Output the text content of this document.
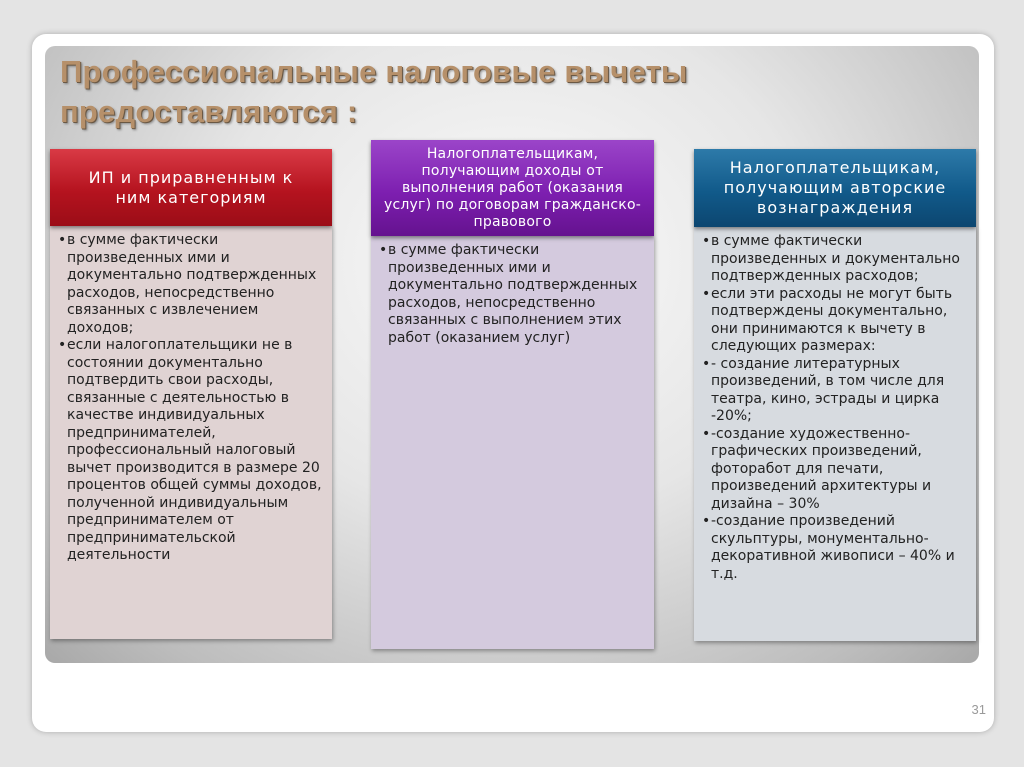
Профессиональные налоговые вычеты
предоставляются :
ИП и приравненным к ним категориям
• в сумме фактически произведенных ими и документально подтвержденных расходов, непосредственно связанных с извлечением доходов;
• если налогоплательщики не в состоянии документально подтвердить свои расходы, связанные с деятельностью в качестве индивидуальных предпринимателей, профессиональный налоговый вычет производится в размере 20 процентов общей суммы доходов, полученной индивидуальным предпринимателем от предпринимательской деятельности
Налогоплательщикам, получающим доходы от выполнения работ (оказания услуг) по договорам гражданско-правового
• в сумме фактически произведенных ими и документально подтвержденных расходов, непосредственно связанных с выполнением этих работ (оказанием услуг)
Налогоплательщикам, получающим авторские вознаграждения
• в сумме фактически произведенных и документально подтвержденных расходов;
• если эти расходы не могут быть подтверждены документально, они принимаются к вычету в следующих размерах:
• - создание литературных произведений, в том числе для театра, кино, эстрады и цирка -20%;
• -создание художественно-графических произведений, фоторабот для печати, произведений архитектуры и дизайна – 30%
• -создание произведений скульптуры, монументально-декоративной живописи – 40% и т.д.
31
